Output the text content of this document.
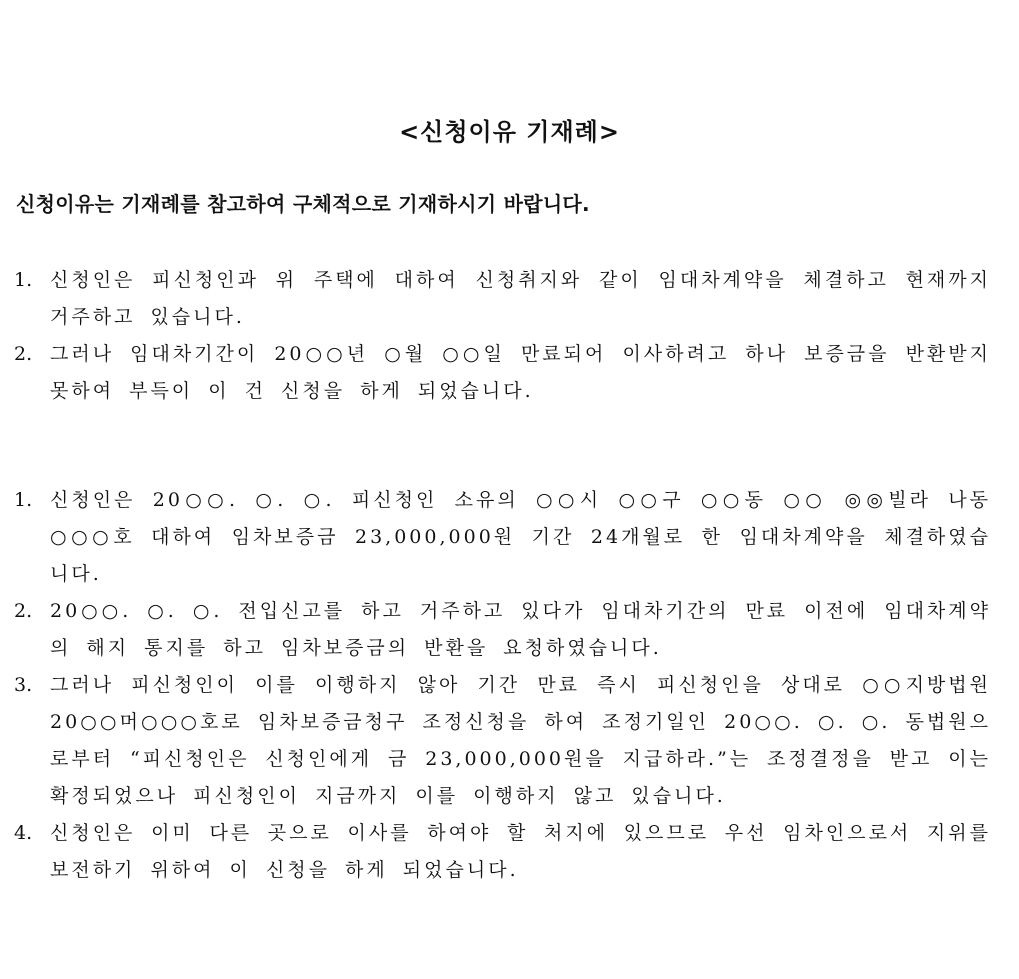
<신청이유 기재례>
신청이유는 기재례를 참고하여 구체적으로 기재하시기 바랍니다.
1. 신청인은 피신청인과 위 주택에 대하여 신청취지와 같이 임대차계약을 체결하고 현재까지 거주하고 있습니다.
2. 그러나 임대차기간이 20○○년 ○월 ○○일 만료되어 이사하려고 하나 보증금을 반환받지 못하여 부득이 이 건 신청을 하게 되었습니다.
1. 신청인은 20○○. ○. ○. 피신청인 소유의 ○○시 ○○구 ○○동 ○○ ◎◎빌라 나동 ○○○호 대하여 임차보증금 23,000,000원 기간 24개월로 한 임대차계약을 체결하였습니다.
2. 20○○. ○. ○. 전입신고를 하고 거주하고 있다가 임대차기간의 만료 이전에 임대차계약의 해지 통지를 하고 임차보증금의 반환을 요청하였습니다.
3. 그러나 피신청인이 이를 이행하지 않아 기간 만료 즉시 피신청인을 상대로 ○○지방법원 20○○머○○○호로 임차보증금청구 조정신청을 하여 조정기일인 20○○. ○. ○. 동법원으로부터 “피신청인은 신청인에게 금 23,000,000원을 지급하라.”는 조정결정을 받고 이는 확정되었으나 피신청인이 지금까지 이를 이행하지 않고 있습니다.
4. 신청인은 이미 다른 곳으로 이사를 하여야 할 처지에 있으므로 우선 임차인으로서 지위를 보전하기 위하여 이 신청을 하게 되었습니다.
